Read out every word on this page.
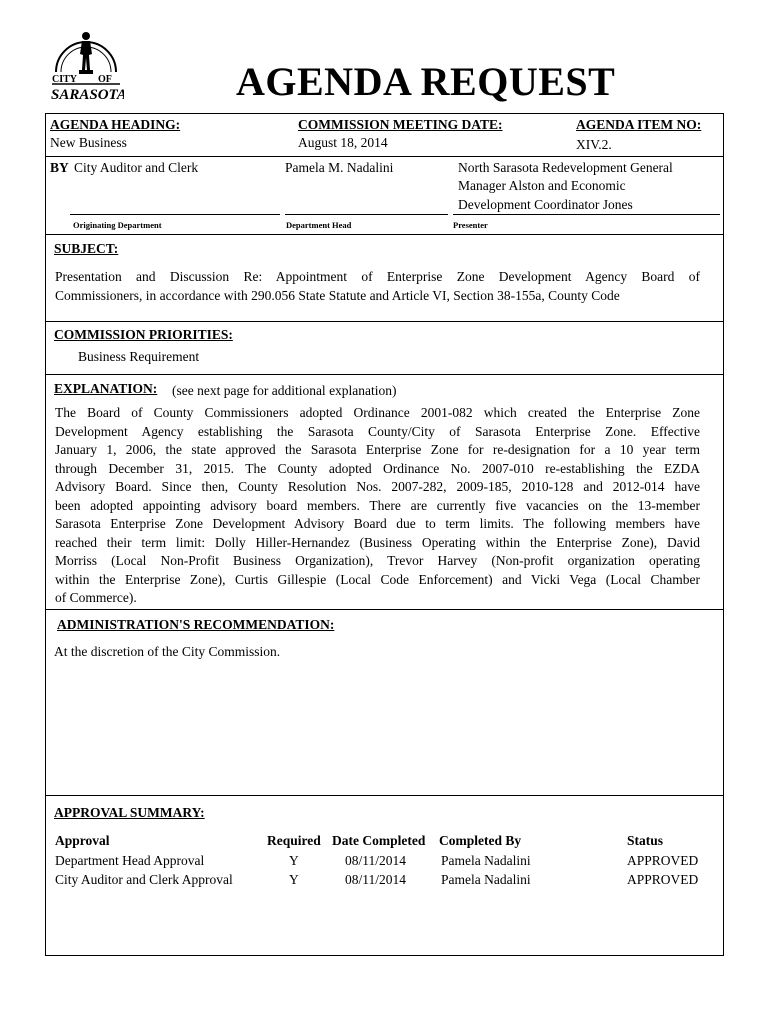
CITY OF
SARASOTA	AGENDA REQUEST
AGENDA HEADING:
New Business
COMMISSION MEETING DATE:
August 18, 2014
AGENDA ITEM NO:
XIV.2.
BY City Auditor and Clerk	Pamela M. Nadalini	North Sarasota Redevelopment General
Manager Alston and Economic
Development Coordinator Jones
Originating Department	Department Head	Presenter
SUBJECT:
Presentation and Discussion Re: Appointment of Enterprise Zone Development Agency Board of
Commissioners, in accordance with 290.056 State Statute and Article VI, Section 38-155a, County Code
COMMISSION PRIORITIES:
Business Requirement
EXPLANATION: (see next page for additional explanation)
The Board of County Commissioners adopted Ordinance 2001-082 which created the Enterprise Zone
Development Agency establishing the Sarasota County/City of Sarasota Enterprise Zone. Effective
January 1, 2006, the state approved the Sarasota Enterprise Zone for re-designation for a 10 year term
through December 31, 2015. The County adopted Ordinance No. 2007-010 re-establishing the EZDA
Advisory Board. Since then, County Resolution Nos. 2007-282, 2009-185, 2010-128 and 2012-014 have
been adopted appointing advisory board members. There are currently five vacancies on the 13-member
Sarasota Enterprise Zone Development Advisory Board due to term limits. The following members have
reached their term limit: Dolly Hiller-Hernandez (Business Operating within the Enterprise Zone), David
Morriss (Local Non-Profit Business Organization), Trevor Harvey (Non-profit organization operating
within the Enterprise Zone), Curtis Gillespie (Local Code Enforcement) and Vicki Vega (Local Chamber
of Commerce).
ADMINISTRATION'S RECOMMENDATION:
At the discretion of the City Commission.
APPROVAL SUMMARY:
Approval	Required	Date Completed	Completed By	Status
Department Head Approval	Y	08/11/2014	Pamela Nadalini	APPROVED
City Auditor and Clerk Approval	Y	08/11/2014	Pamela Nadalini	APPROVED
